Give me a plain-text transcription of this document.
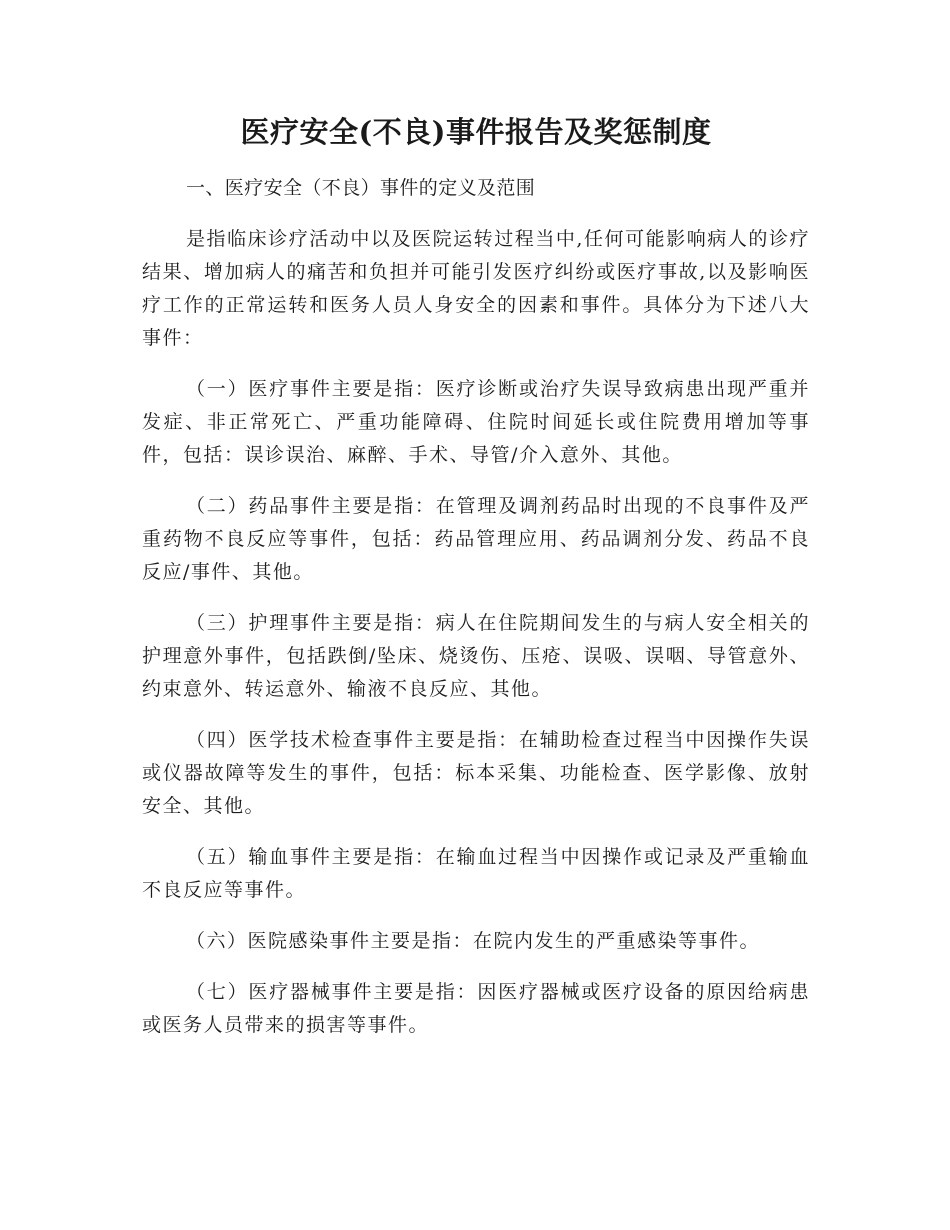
医疗安全(不良)事件报告及奖惩制度

一、医疗安全（不良）事件的定义及范围

是指临床诊疗活动中以及医院运转过程当中,任何可能影响病人的诊疗结果、增加病人的痛苦和负担并可能引发医疗纠纷或医疗事故,以及影响医疗工作的正常运转和医务人员人身安全的因素和事件。具体分为下述八大事件：

（一）医疗事件主要是指：医疗诊断或治疗失误导致病患出现严重并发症、非正常死亡、严重功能障碍、住院时间延长或住院费用增加等事件，包括：误诊误治、麻醉、手术、导管/介入意外、其他。

（二）药品事件主要是指：在管理及调剂药品时出现的不良事件及严重药物不良反应等事件，包括：药品管理应用、药品调剂分发、药品不良反应/事件、其他。

（三）护理事件主要是指：病人在住院期间发生的与病人安全相关的护理意外事件，包括跌倒/坠床、烧烫伤、压疮、误吸、误咽、导管意外、约束意外、转运意外、输液不良反应、其他。

（四）医学技术检查事件主要是指：在辅助检查过程当中因操作失误或仪器故障等发生的事件，包括：标本采集、功能检查、医学影像、放射安全、其他。

（五）输血事件主要是指：在输血过程当中因操作或记录及严重输血不良反应等事件。

（六）医院感染事件主要是指：在院内发生的严重感染等事件。

（七）医疗器械事件主要是指：因医疗器械或医疗设备的原因给病患或医务人员带来的损害等事件。
